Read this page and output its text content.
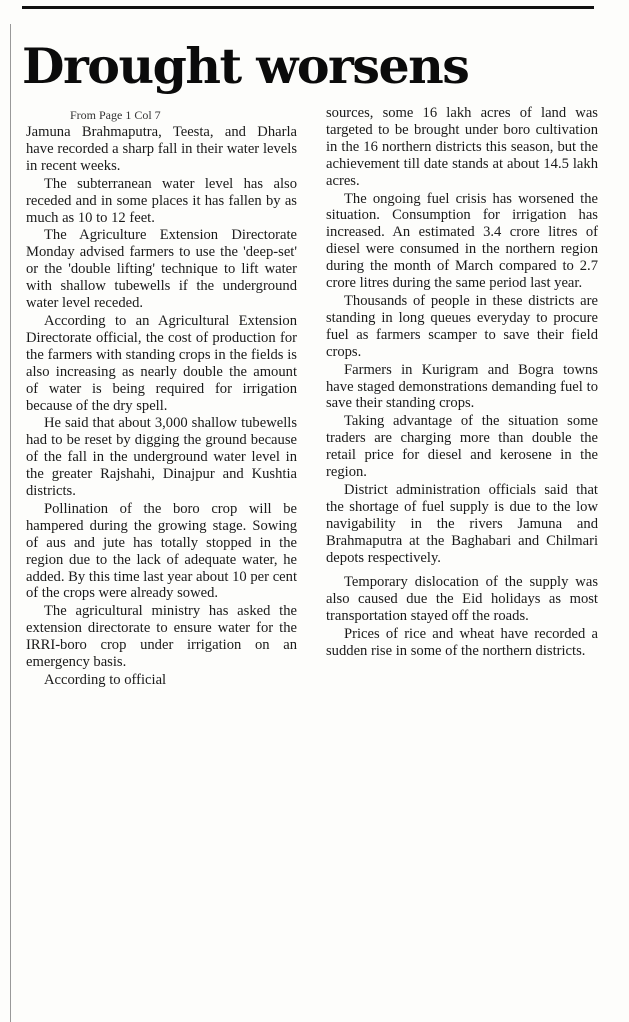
Drought worsens
From Page 1 Col 7

Jamuna Brahmaputra, Teesta, and Dharla have recorded a sharp fall in their water levels in recent weeks.

The subterranean water level has also receded and in some places it has fallen by as much as 10 to 12 feet.

The Agriculture Extension Directorate Monday advised farmers to use the 'deep-set' or the 'double lifting' technique to lift water with shallow tubewells if the underground water level receded.

According to an Agricultural Extension Directorate official, the cost of production for the farmers with standing crops in the fields is also increasing as nearly double the amount of water is being required for irrigation because of the dry spell.

He said that about 3,000 shallow tubewells had to be reset by digging the ground because of the fall in the underground water level in the greater Rajshahi, Dinajpur and Kushtia districts.

Pollination of the boro crop will be hampered during the growing stage. Sowing of aus and jute has totally stopped in the region due to the lack of adequate water, he added. By this time last year about 10 per cent of the crops were already sowed.

The agricultural ministry has asked the extension directorate to ensure water for the IRRI-boro crop under irrigation on an emergency basis.

According to official

sources, some 16 lakh acres of land was targeted to be brought under boro cultivation in the 16 northern districts this season, but the achievement till date stands at about 14.5 lakh acres.

The ongoing fuel crisis has worsened the situation. Consumption for irrigation has increased. An estimated 3.4 crore litres of diesel were consumed in the northern region during the month of March compared to 2.7 crore litres during the same period last year.

Thousands of people in these districts are standing in long queues everyday to procure fuel as farmers scamper to save their field crops.

Farmers in Kurigram and Bogra towns have staged demonstrations demanding fuel to save their standing crops.

Taking advantage of the situation some traders are charging more than double the retail price for diesel and kerosene in the region.

District administration officials said that the shortage of fuel supply is due to the low navigability in the rivers Jamuna and Brahmaputra at the Baghabari and Chilmari depots respectively.

Temporary dislocation of the supply was also caused due the Eid holidays as most transportation stayed off the roads.

Prices of rice and wheat have recorded a sudden rise in some of the northern districts.
